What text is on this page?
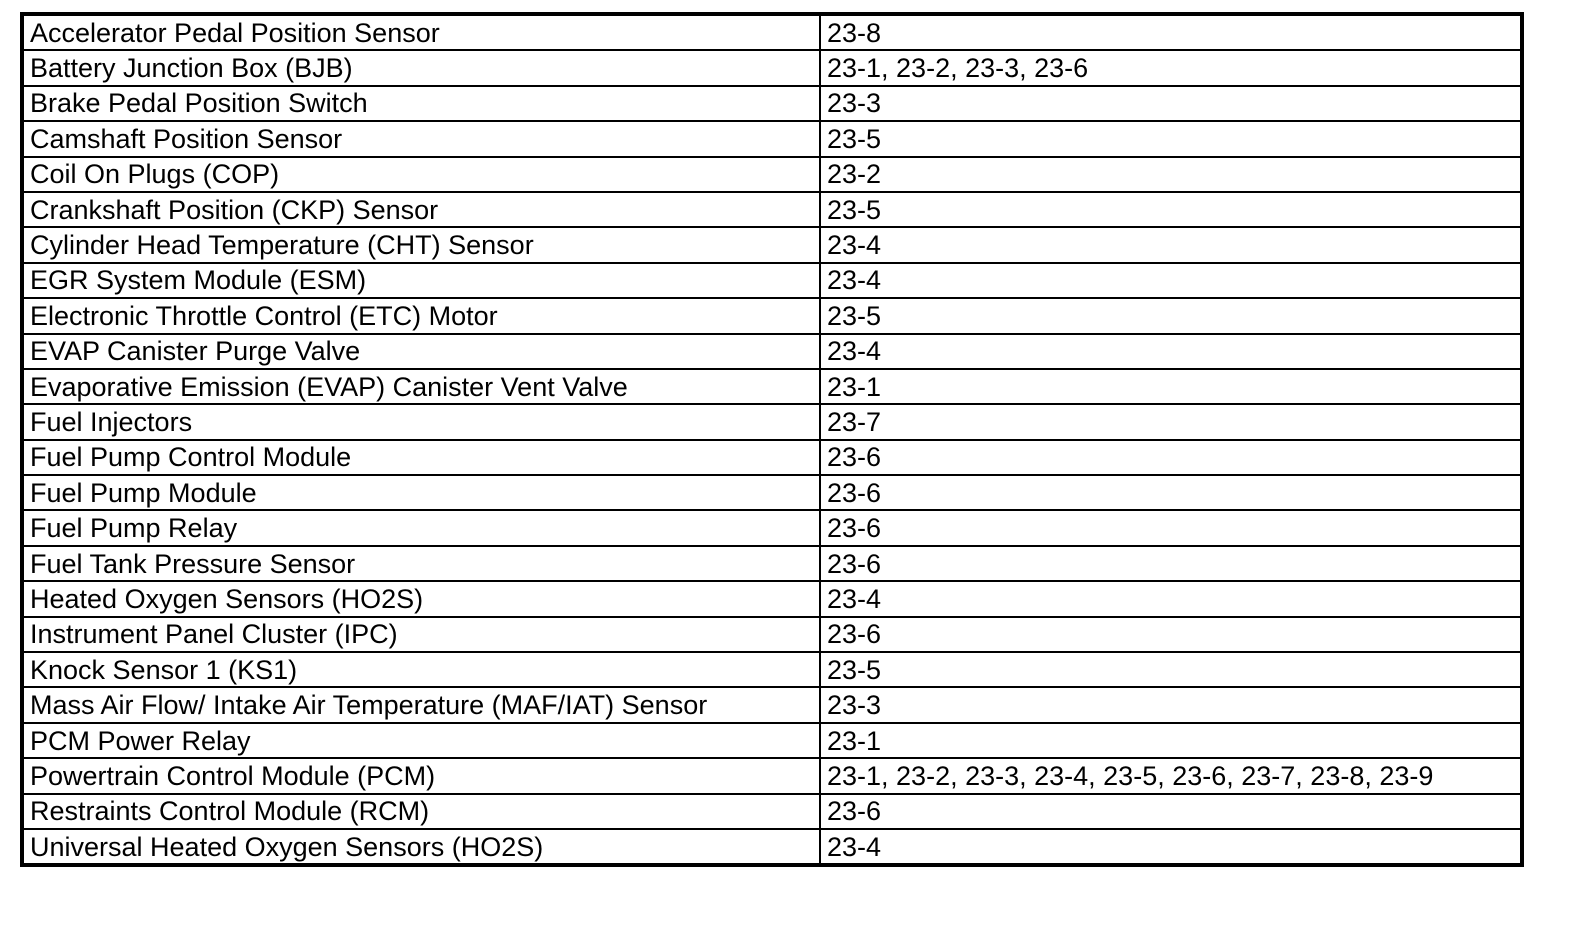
Accelerator Pedal Position Sensor	23-8
Battery Junction Box (BJB)	23-1, 23-2, 23-3, 23-6
Brake Pedal Position Switch	23-3
Camshaft Position Sensor	23-5
Coil On Plugs (COP)	23-2
Crankshaft Position (CKP) Sensor	23-5
Cylinder Head Temperature (CHT) Sensor	23-4
EGR System Module (ESM)	23-4
Electronic Throttle Control (ETC) Motor	23-5
EVAP Canister Purge Valve	23-4
Evaporative Emission (EVAP) Canister Vent Valve	23-1
Fuel Injectors	23-7
Fuel Pump Control Module	23-6
Fuel Pump Module	23-6
Fuel Pump Relay	23-6
Fuel Tank Pressure Sensor	23-6
Heated Oxygen Sensors (HO2S)	23-4
Instrument Panel Cluster (IPC)	23-6
Knock Sensor 1 (KS1)	23-5
Mass Air Flow/ Intake Air Temperature (MAF/IAT) Sensor	23-3
PCM Power Relay	23-1
Powertrain Control Module (PCM)	23-1, 23-2, 23-3, 23-4, 23-5, 23-6, 23-7, 23-8, 23-9
Restraints Control Module (RCM)	23-6
Universal Heated Oxygen Sensors (HO2S)	23-4
